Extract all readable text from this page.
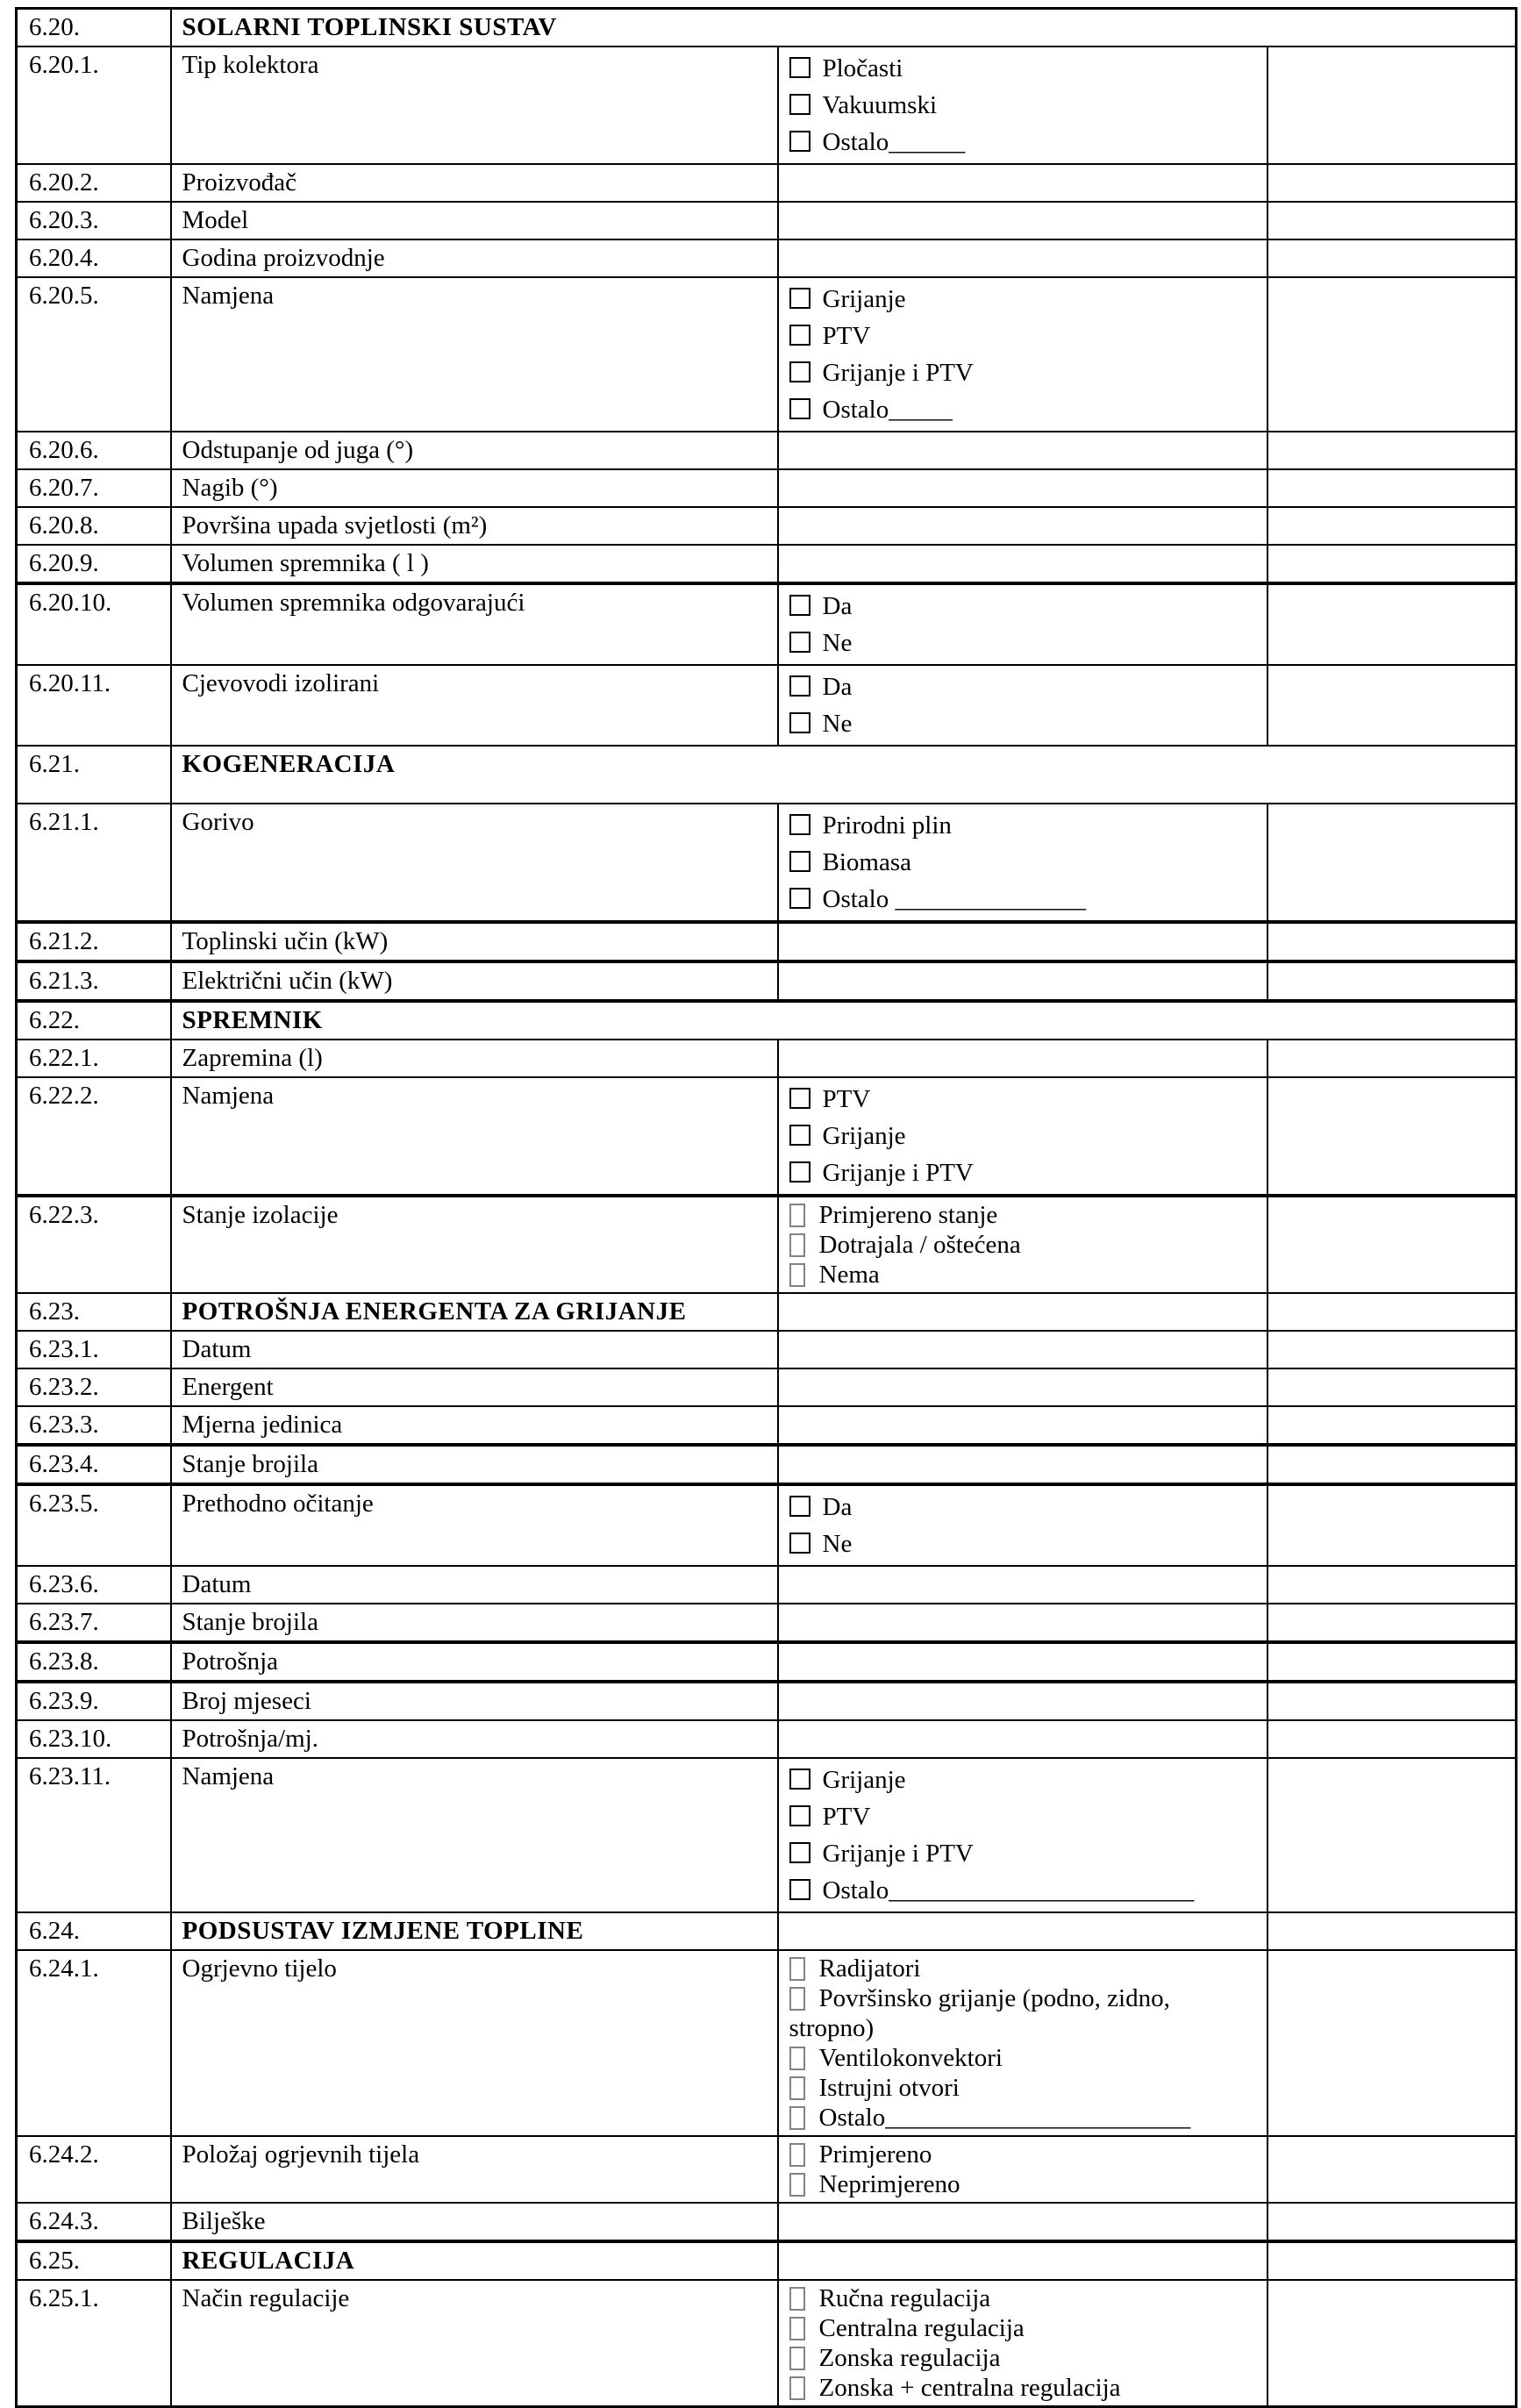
6.20.	SOLARNI TOPLINSKI SUSTAV		
6.20.1.	Tip kolektora	Pločasti
Vakuumski
Ostalo______	

6.20.2.	Proizvođač		
6.20.3.	Model		
6.20.4.	Godina proizvodnje		
6.20.5.	Namjena	Grijanje
PTV
Grijanje i PTV
Ostalo_____	

6.20.6.	Odstupanje od juga (°)		
6.20.7.	Nagib (°)		
6.20.8.	Površina upada svjetlosti (m²)		
6.20.9.	Volumen spremnika ( l )		
6.20.10.	Volumen spremnika odgovarajući	Da
Ne	

6.20.11.	Cjevovodi izolirani	Da
Ne	

6.21.	KOGENERACIJA		
6.21.1.	Gorivo	Prirodni plin
Biomasa
Ostalo _______________	

6.21.2.	Toplinski učin (kW)		
6.21.3.	Električni učin (kW)		
6.22.	SPREMNIK		
6.22.1.	Zapremina (l)		
6.22.2.	Namjena	PTV
Grijanje
Grijanje i PTV	

6.22.3.	Stanje izolacije	Primjereno stanje
Dotrajala / oštećena
Nema	

6.23.	POTROŠNJA ENERGENTA ZA GRIJANJE		
6.23.1.	Datum		
6.23.2.	Energent		
6.23.3.	Mjerna jedinica		
6.23.4.	Stanje brojila		
6.23.5.	Prethodno očitanje	Da
Ne	

6.23.6.	Datum		
6.23.7.	Stanje brojila		
6.23.8.	Potrošnja		
6.23.9.	Broj mjeseci		
6.23.10.	Potrošnja/mj.		
6.23.11.	Namjena	Grijanje
PTV
Grijanje i PTV
Ostalo________________________	

6.24.	PODSUSTAV IZMJENE TOPLINE		
6.24.1.	Ogrjevno tijelo	Radijatori
Površinsko grijanje (podno, zidno, stropno)
Ventilokonvektori
Istrujni otvori
Ostalo________________________	

6.24.2.	Položaj ogrjevnih tijela	Primjereno
Neprimjereno	

6.24.3.	Bilješke		
6.25.	REGULACIJA		
6.25.1.	Način regulacije	Ručna regulacija
Centralna regulacija
Zonska regulacija
Zonska + centralna regulacija	
